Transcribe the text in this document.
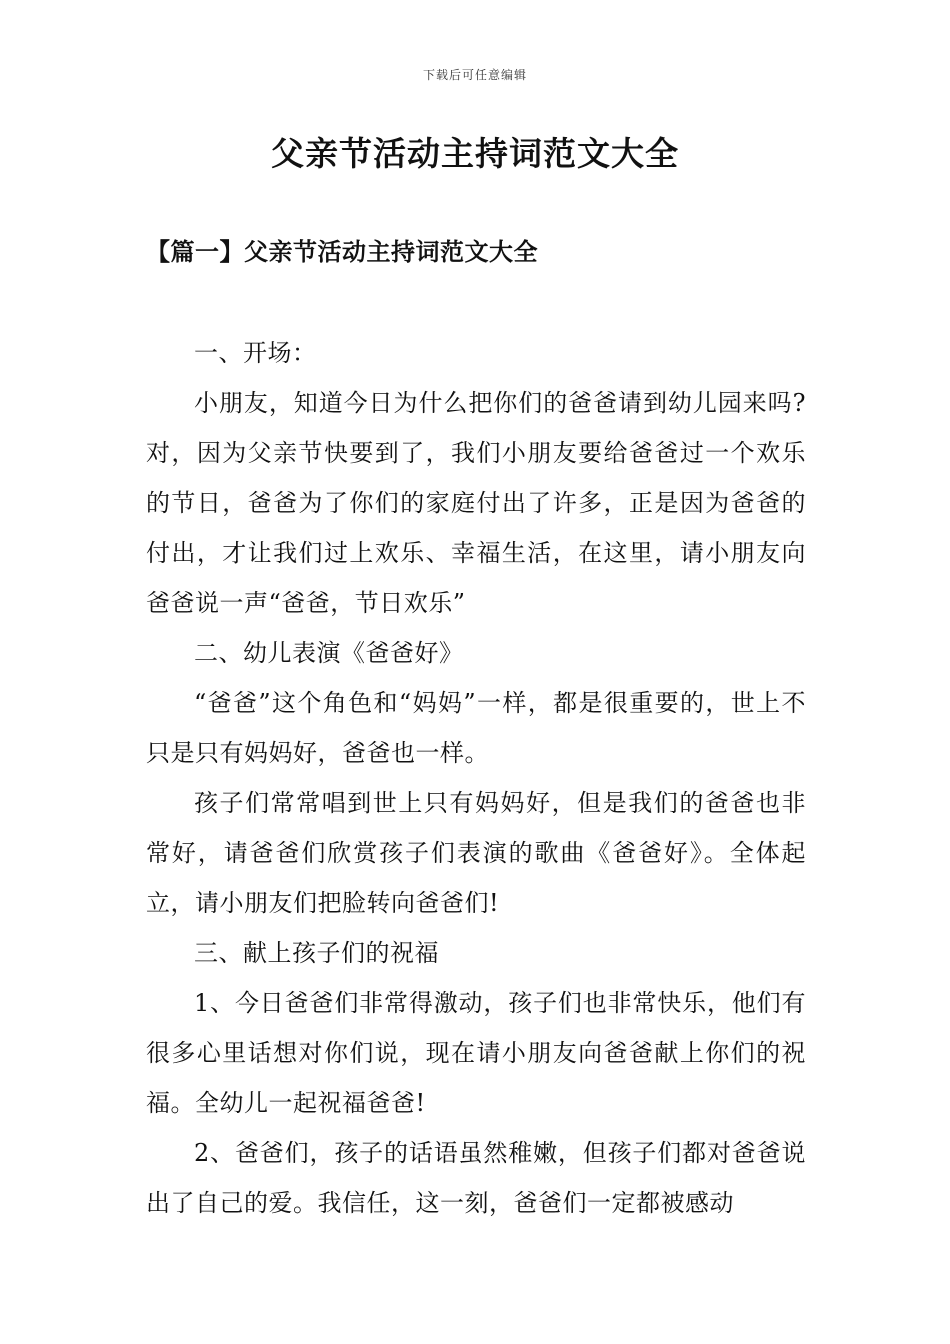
下载后可任意编辑
父亲节活动主持词范文大全
【篇一】父亲节活动主持词范文大全

一、开场：

小朋友，知道今日为什么把你们的爸爸请到幼儿园来吗?对，因为父亲节快要到了，我们小朋友要给爸爸过一个欢乐的节日，爸爸为了你们的家庭付出了许多，正是因为爸爸的付出，才让我们过上欢乐、幸福生活，在这里，请小朋友向爸爸说一声“爸爸，节日欢乐”

二、幼儿表演《爸爸好》

“爸爸”这个角色和“妈妈”一样，都是很重要的，世上不只是只有妈妈好，爸爸也一样。

孩子们常常唱到世上只有妈妈好，但是我们的爸爸也非常好，请爸爸们欣赏孩子们表演的歌曲《爸爸好》。全体起立，请小朋友们把脸转向爸爸们!

三、献上孩子们的祝福

1、今日爸爸们非常得激动，孩子们也非常快乐，他们有很多心里话想对你们说，现在请小朋友向爸爸献上你们的祝福。全幼儿一起祝福爸爸!

2、爸爸们，孩子的话语虽然稚嫩，但孩子们都对爸爸说出了自己的爱。我信任，这一刻，爸爸们一定都被感动
